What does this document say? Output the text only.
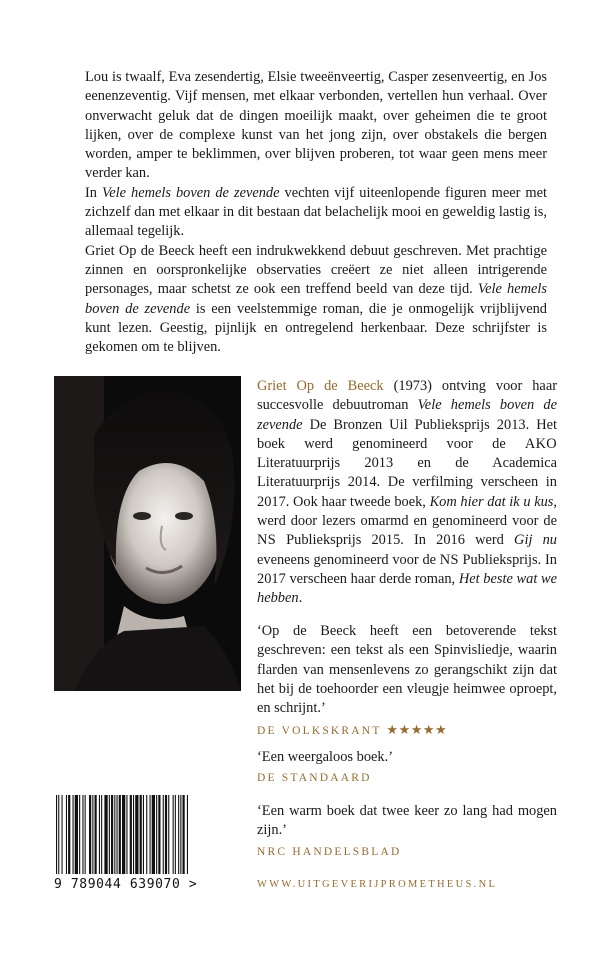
Lou is twaalf, Eva zesendertig, Elsie tweeënveertig, Casper zesenveertig, en Jos eenenzeventig. Vijf mensen, met elkaar verbonden, vertellen hun verhaal. Over onverwacht geluk dat de dingen moeilijk maakt, over geheimen die te groot lijken, over de complexe kunst van het jong zijn, over obstakels die bergen worden, amper te beklimmen, over blijven proberen, tot waar geen mens meer verder kan.

In Vele hemels boven de zevende vechten vijf uiteenlopende figuren meer met zichzelf dan met elkaar in dit bestaan dat belachelijk mooi en geweldig lastig is, allemaal tegelijk.

Griet Op de Beeck heeft een indrukwekkend debuut geschreven. Met prachtige zinnen en oorspronkelijke observaties creëert ze niet alleen intrigerende personages, maar schetst ze ook een treffend beeld van deze tijd. Vele hemels boven de zevende is een veelstemmige roman, die je onmogelijk vrijblijvend kunt lezen. Geestig, pijnlijk en ontregelend herkenbaar. Deze schrijfster is gekomen om te blijven.

Griet Op de Beeck (1973) ontving voor haar succesvolle debuutroman Vele hemels boven de zevende De Bronzen Uil Publieksprijs 2013. Het boek werd genomineerd voor de AKO Literatuurprijs 2013 en de Academica Literatuurprijs 2014. De verfilming verscheen in 2017. Ook haar tweede boek, Kom hier dat ik u kus, werd door lezers omarmd en genomineerd voor de NS Publieksprijs 2015. In 2016 werd Gij nu eveneens genomineerd voor de NS Publieksprijs. In 2017 verscheen haar derde roman, Het beste wat we hebben.
‘Op de Beeck heeft een betoverende tekst geschreven: een tekst als een Spinvisliedje, waarin flarden van mensenlevens zo gerangschikt zijn dat het bij de toehoorder een vleugje heimwee oproept, en schrijnt.’
DE VOLKSKRANT ★★★★★
‘Een weergaloos boek.’
DE STANDAARD
‘Een warm boek dat twee keer zo lang had mogen zijn.’
NRC HANDELSBLAD
9 789044 639070 >	WWW.UITGEVERIJPROMETHEUS.NL
